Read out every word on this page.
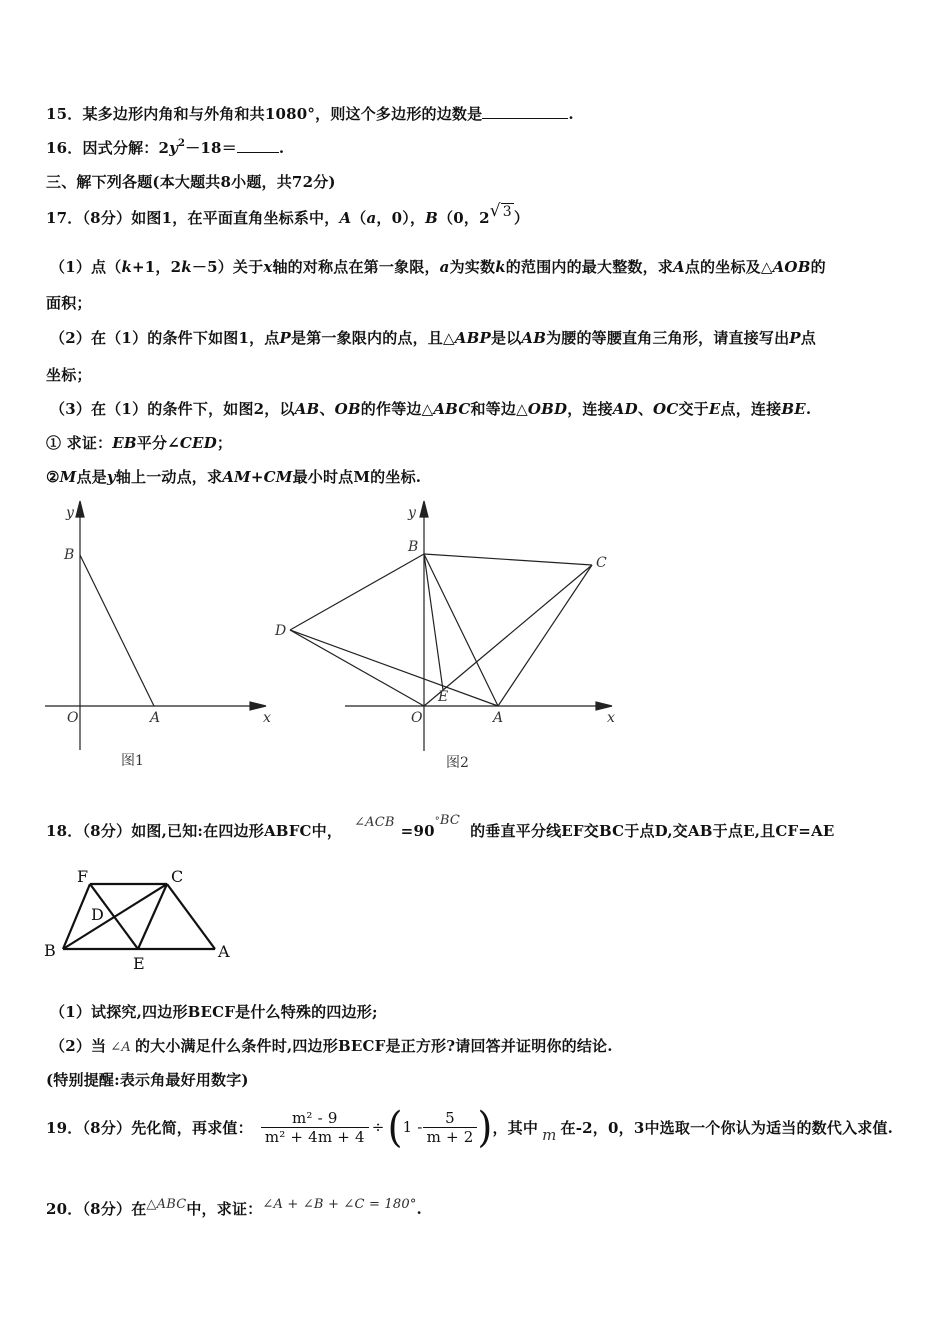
15．某多边形内角和与外角和共1080°，则这个多边形的边数是	.
16．因式分解：$2y^2-18=$	.
三、解下列各题(本大题共8小题，共72分)
17．（8分）如图1，在平面直角坐标系中，A（a，0），B（0，2√ 3 ）
（1）点（k+1，2k－5）关于x轴的对称点在第一象限，a为实数k的范围内的最大整数，求A点的坐标及△AOB的
面积；
（2）在（1）的条件下如图1，点P是第一象限内的点，且△ABP是以AB为腰的等腰直角三角形，请直接写出P点
坐标；
（3）在（1）的条件下，如图2，以AB、OB的作等边△ABC和等边△OBD，连接AD、OC交于E点，连接BE.
① 求证：EB平分∠CED；
②M点是y轴上一动点，求AM+CM最小时点M的坐标.
y
B
O	A	x
图1
y
B
C
D
E
O	A	x
图2
18．（8分）如图,已知:在四边形ABFC中， ∠ACB =90°BC的垂直平分线EF交BC于点D,交AB于点E,且CF=AE
F	C
D
B
E
A
（1）试探究,四边形BECF是什么特殊的四边形;
（2）当 ∠A 的大小满足什么条件时,四边形BECF是正方形?请回答并证明你的结论.
(特别提醒:表示角最好用数字)
19．（8分）先化简，再求值： $\frac{\text{m² - 9}}{\text{m² + 4m + 4}}$ ÷ ( $1 - \frac{5}{m + 2}$ ) ，其中 m 在-2，0，3中选取一个你认为适当的数代入求值.
20．（8分）在△ABC中，求证：∠A + ∠B + ∠C = 180°.
